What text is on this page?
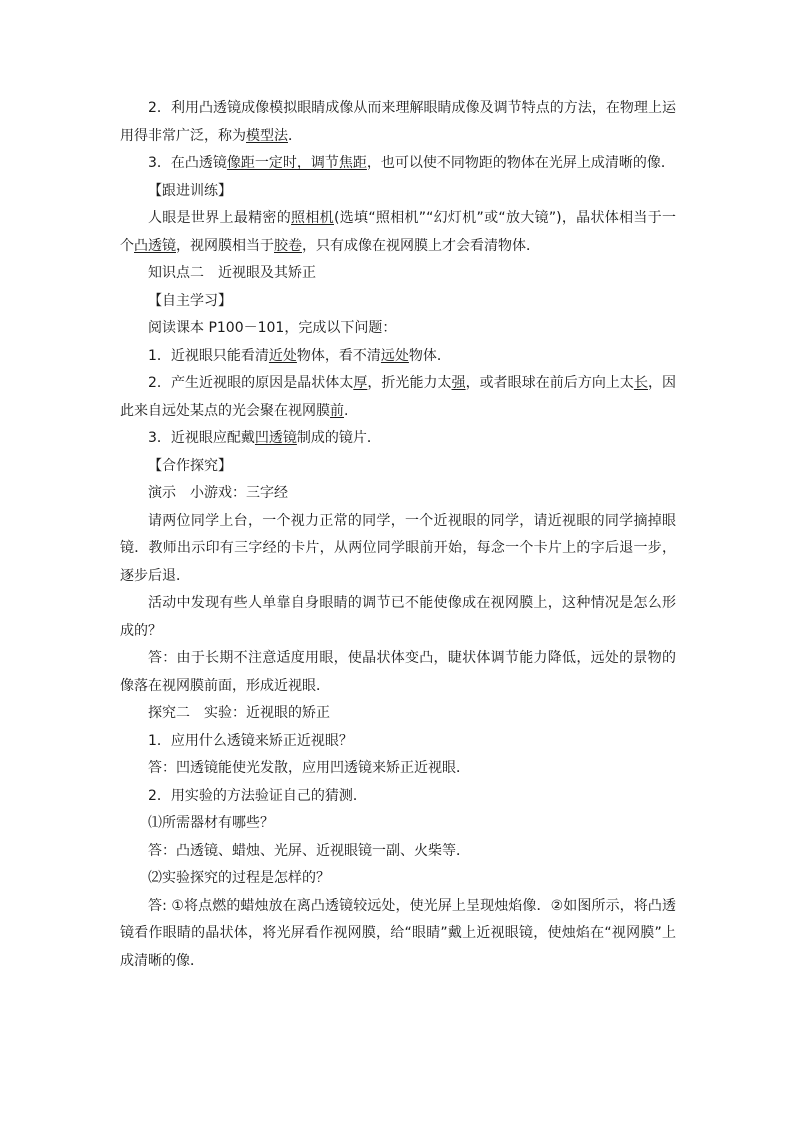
2．利用凸透镜成像模拟眼睛成像从而来理解眼睛成像及调节特点的方法，在物理上运用得非常广泛，称为模型法．

3．在凸透镜像距一定时，调节焦距，也可以使不同物距的物体在光屏上成清晰的像．

【跟进训练】

人眼是世界上最精密的照相机(选填“照相机”“幻灯机”或“放大镜”)，晶状体相当于一个凸透镜，视网膜相当于胶卷，只有成像在视网膜上才会看清物体．

知识点二　近视眼及其矫正

【自主学习】

阅读课本 P100－101，完成以下问题：

1．近视眼只能看清近处物体，看不清远处物体．

2．产生近视眼的原因是晶状体太厚，折光能力太强，或者眼球在前后方向上太长，因此来自远处某点的光会聚在视网膜前.

3．近视眼应配戴凹透镜制成的镜片．

【合作探究】

演示　小游戏：三字经

请两位同学上台，一个视力正常的同学，一个近视眼的同学，请近视眼的同学摘掉眼镜．教师出示印有三字经的卡片，从两位同学眼前开始，每念一个卡片上的字后退一步，逐步后退．

活动中发现有些人单靠自身眼睛的调节已不能使像成在视网膜上，这种情况是怎么形成的？

答：由于长期不注意适度用眼，使晶状体变凸，睫状体调节能力降低，远处的景物的像落在视网膜前面，形成近视眼．

探究二　实验：近视眼的矫正

1．应用什么透镜来矫正近视眼？

答：凹透镜能使光发散，应用凹透镜来矫正近视眼．

2．用实验的方法验证自己的猜测．

⑴所需器材有哪些？

答：凸透镜、蜡烛、光屏、近视眼镜一副、火柴等．

⑵实验探究的过程是怎样的？

答: ①将点燃的蜡烛放在离凸透镜较远处，使光屏上呈现烛焰像．②如图所示，将凸透镜看作眼睛的晶状体，将光屏看作视网膜，给“眼睛”戴上近视眼镜，使烛焰在“视网膜”上成清晰的像．
